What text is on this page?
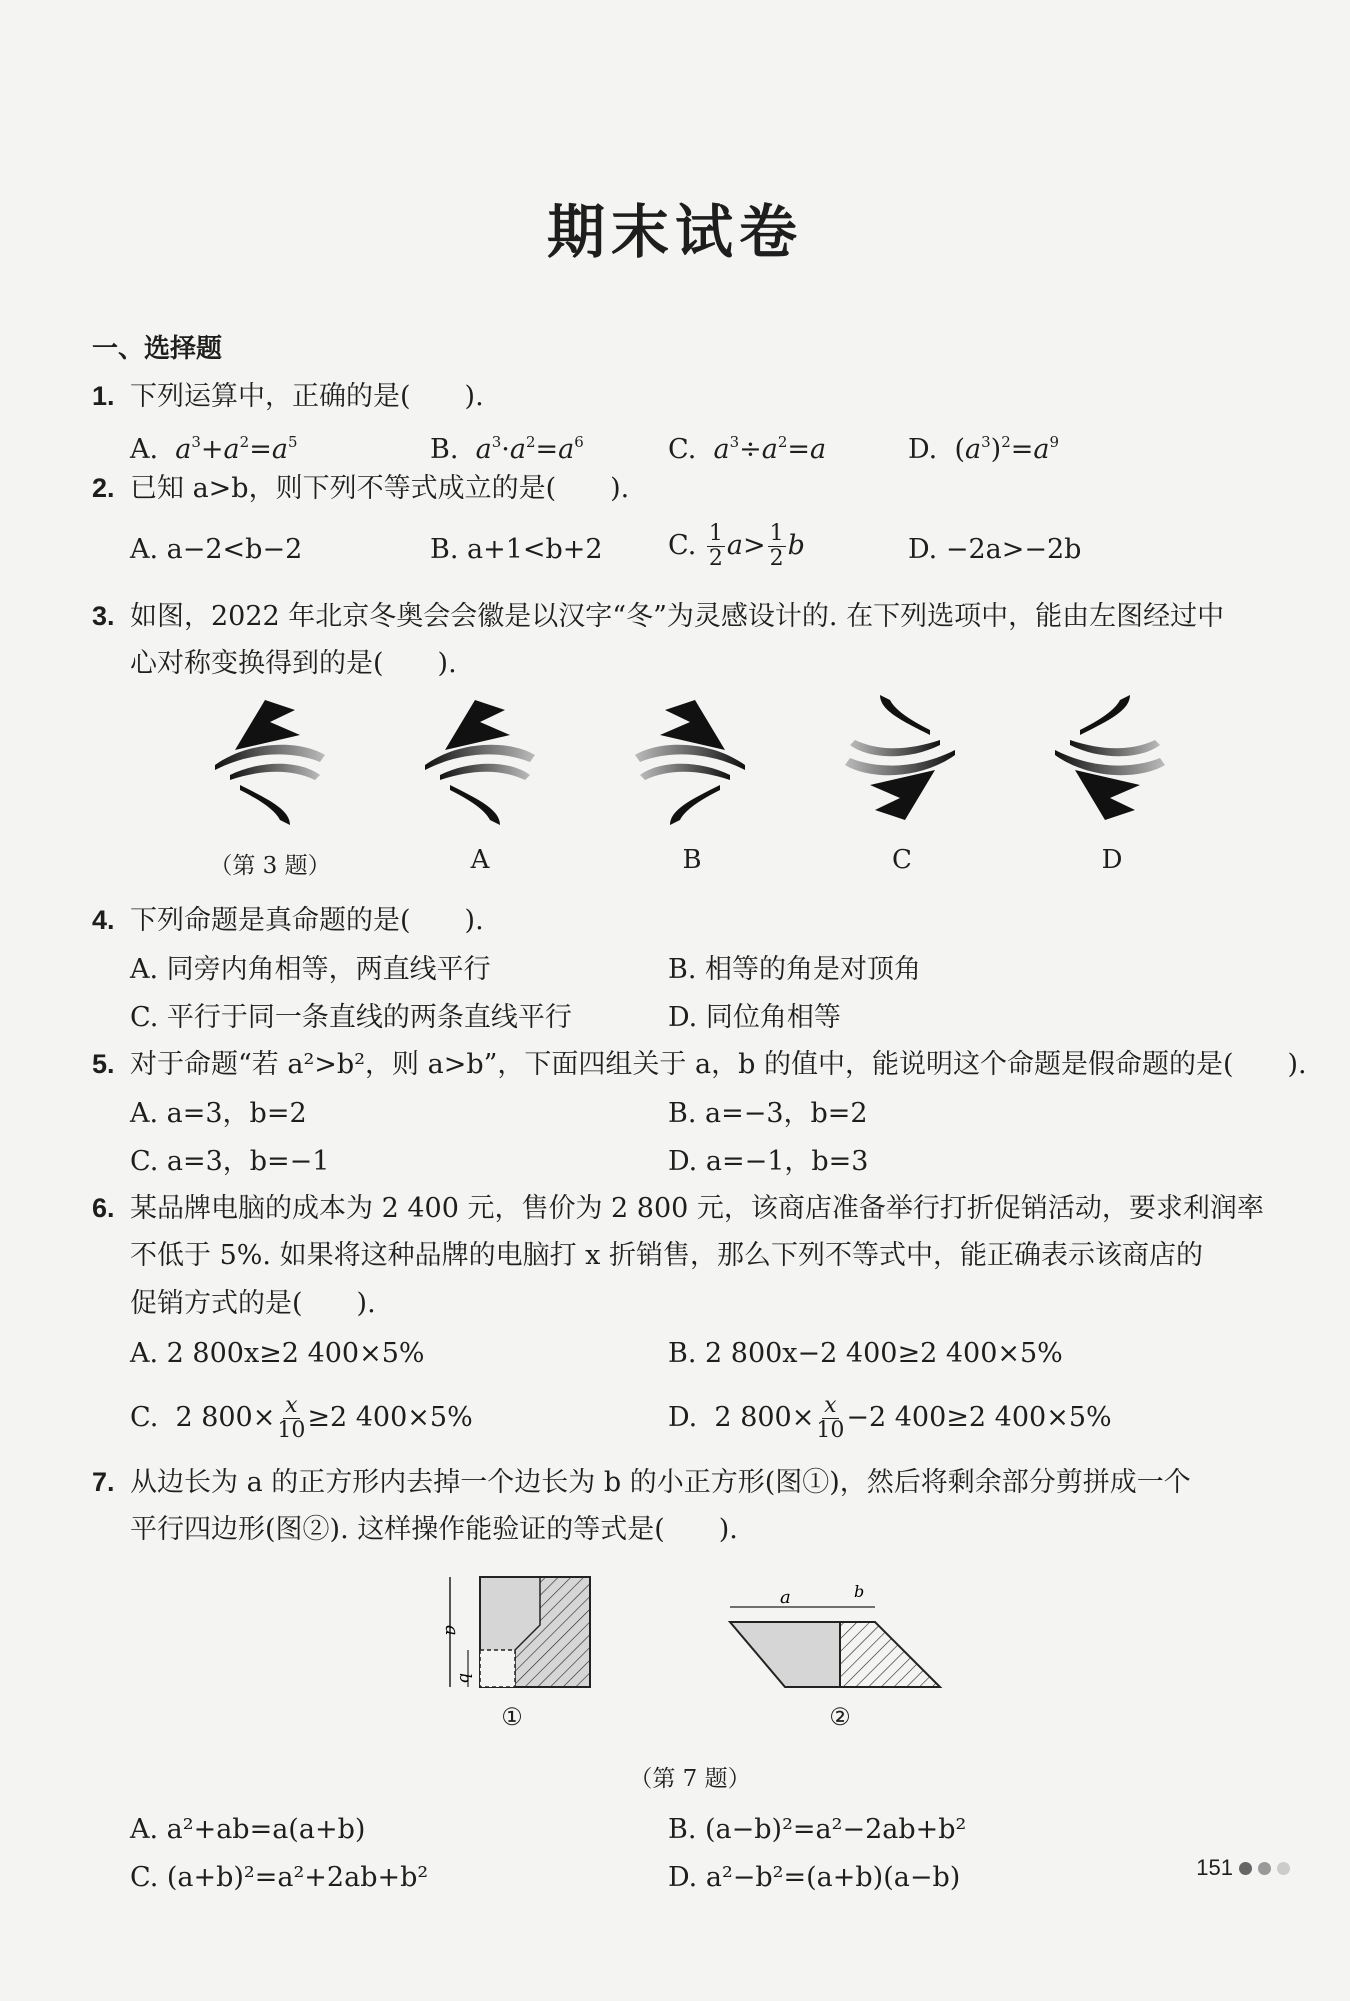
期末试卷
一、选择题
1. 下列运算中，正确的是(　　).
A. $a^3+a^2=a^5$	B. $a^3\cdot a^2=a^6$	C. $a^3\div a^2=a$	D.  $(a^3)^2=a^9$
2. 已知 a>b，则下列不等式成立的是(　　).
A. a−2<b−2	B. a+1<b+2 C. $\frac{1}{2} a> \frac{1}{2}$ b	D. −2a>−2b
3. 如图，2022 年北京冬奥会会徽是以汉字“冬”为灵感设计的. 在下列选项中，能由左图经过中
心对称变换得到的是(　　).
（第 3 题）	A	B	C	D
4. 下列命题是真命题的是(　　).
A. 同旁内角相等，两直线平行	B. 相等的角是对顶角
C. 平行于同一条直线的两条直线平行	D. 同位角相等
5. 对于命题“若 a²>b²，则 a>b”，下面四组关于 a，b 的值中，能说明这个命题是假命题的是(　　).
A. a=3，b=2	B. a=−3，b=2
C. a=3，b=−1	D. a=−1，b=3
6. 某品牌电脑的成本为 2 400 元，售价为 2 800 元，该商店准备举行打折促销活动，要求利润率
不低于 5%. 如果将这种品牌的电脑打 x 折销售，那么下列不等式中，能正确表示该商店的
促销方式的是(　　).
A. 2 800x≥2 400×5%	B. 2 800x−2 400≥2 400×5%
C.  2 $800\times \frac{x}{10} \ge 2$ 400×5%	D.  2 $800\times \frac{x}{10} -2$ 400≥2 400×5%
7. 从边长为 a 的正方形内去掉一个边长为 b 的小正方形(图①)，然后将剩余部分剪拼成一个
平行四边形(图②). 这样操作能验证的等式是(　　).
a
b
a	b
①	②
（第 7 题）
A. a²+ab=a(a+b)	B. (a−b)²=a²−2ab+b²
C. (a+b)²=a²+2ab+b²	D. a²−b²=(a+b)(a−b)	151
